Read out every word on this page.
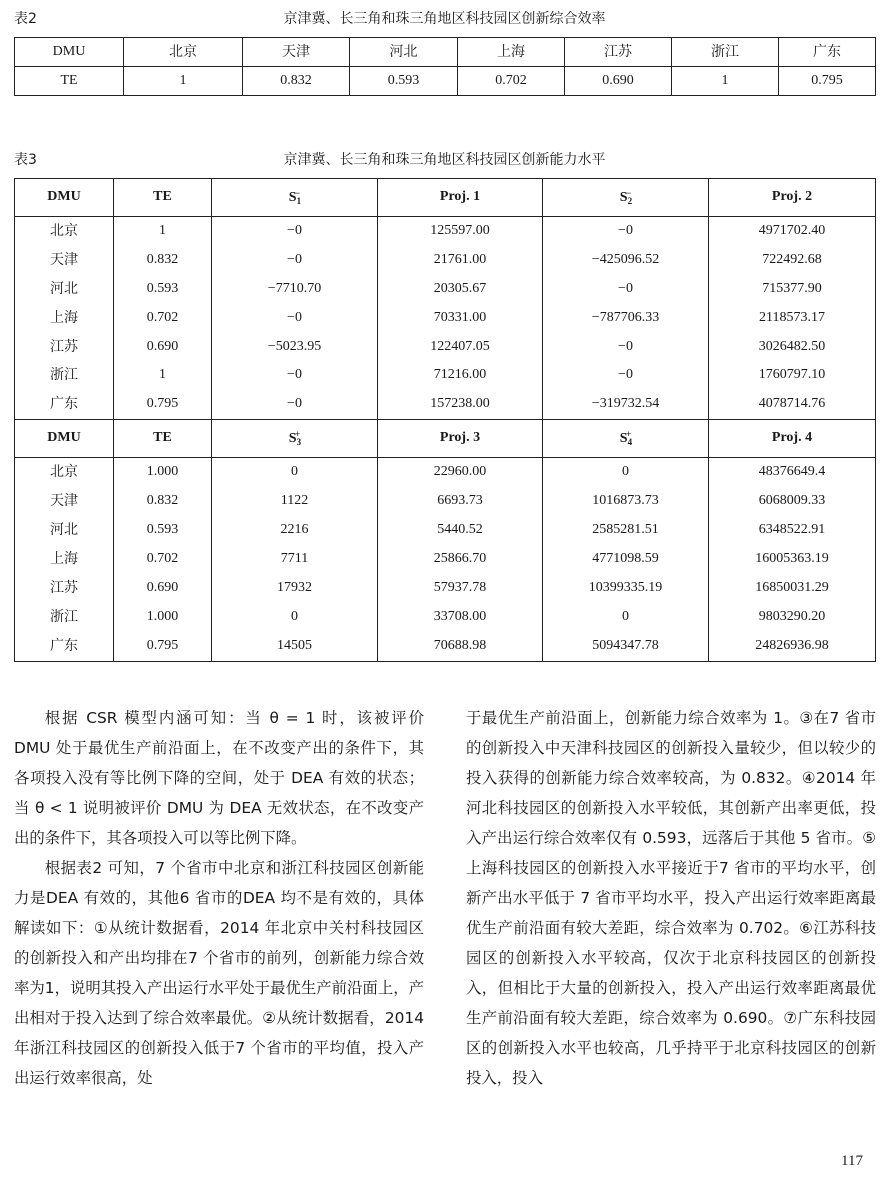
表2	京津冀、长三角和珠三角地区科技园区创新综合效率
DMU	北京	天津	河北	上海	江苏	浙江	广东
TE	1	0.832	0.593	0.702	0.690	1	0.795
表3	京津冀、长三角和珠三角地区科技园区创新能力水平
DMU	TE	$S_1^-$	Proj. 1	$S_2^-$	Proj. 2
北京	1	−0	125597.00	−0	4971702.40
天津	0.832	−0	21761.00	−425096.52	722492.68
河北	0.593	−7710.70	20305.67	−0	715377.90
上海	0.702	−0	70331.00	−787706.33	2118573.17
江苏	0.690	−5023.95	122407.05	−0	3026482.50
浙江	1	−0	71216.00	−0	1760797.10
广东	0.795	−0	157238.00	−319732.54	4078714.76
DMU	TE	$S_3^+$	Proj. 3	$S_4^+$	Proj. 4
北京	1.000	0	22960.00	0	48376649.4
天津	0.832	1122	6693.73	1016873.73	6068009.33
河北	0.593	2216	5440.52	2585281.51	6348522.91
上海	0.702	7711	25866.70	4771098.59	16005363.19
江苏	0.690	17932	57937.78	10399335.19	16850031.29
浙江	1.000	0	33708.00	0	9803290.20
广东	0.795	14505	70688.98	5094347.78	24826936.98

根据 CSR 模型内涵可知：当 θ = 1 时，该被评价 DMU 处于最优生产前沿面上，在不改变产出的条件下，其各项投入没有等比例下降的空间，处于 DEA 有效的状态；当 θ < 1 说明被评价 DMU 为 DEA 无效状态，在不改变产出的条件下，其各项投入可以等比例下降。

根据表2 可知，7 个省市中北京和浙江科技园区创新能力是DEA 有效的，其他6 省市的DEA 均不是有效的，具体解读如下：①从统计数据看，2014 年北京中关村科技园区的创新投入和产出均排在7 个省市的前列，创新能力综合效率为1，说明其投入产出运行水平处于最优生产前沿面上，产出相对于投入达到了综合效率最优。②从统计数据看，2014 年浙江科技园区的创新投入低于7 个省市的平均值，投入产出运行效率很高，处

于最优生产前沿面上，创新能力综合效率为 1。③在7 省市的创新投入中天津科技园区的创新投入量较少，但以较少的投入获得的创新能力综合效率较高，为 0.832。④2014 年河北科技园区的创新投入水平较低，其创新产出率更低，投入产出运行综合效率仅有 0.593，远落后于其他 5 省市。⑤上海科技园区的创新投入水平接近于7 省市的平均水平，创新产出水平低于 7 省市平均水平，投入产出运行效率距离最优生产前沿面有较大差距，综合效率为 0.702。⑥江苏科技园区的创新投入水平较高，仅次于北京科技园区的创新投入，但相比于大量的创新投入，投入产出运行效率距离最优生产前沿面有较大差距，综合效率为 0.690。⑦广东科技园区的创新投入水平也较高，几乎持平于北京科技园区的创新投入，投入

117
